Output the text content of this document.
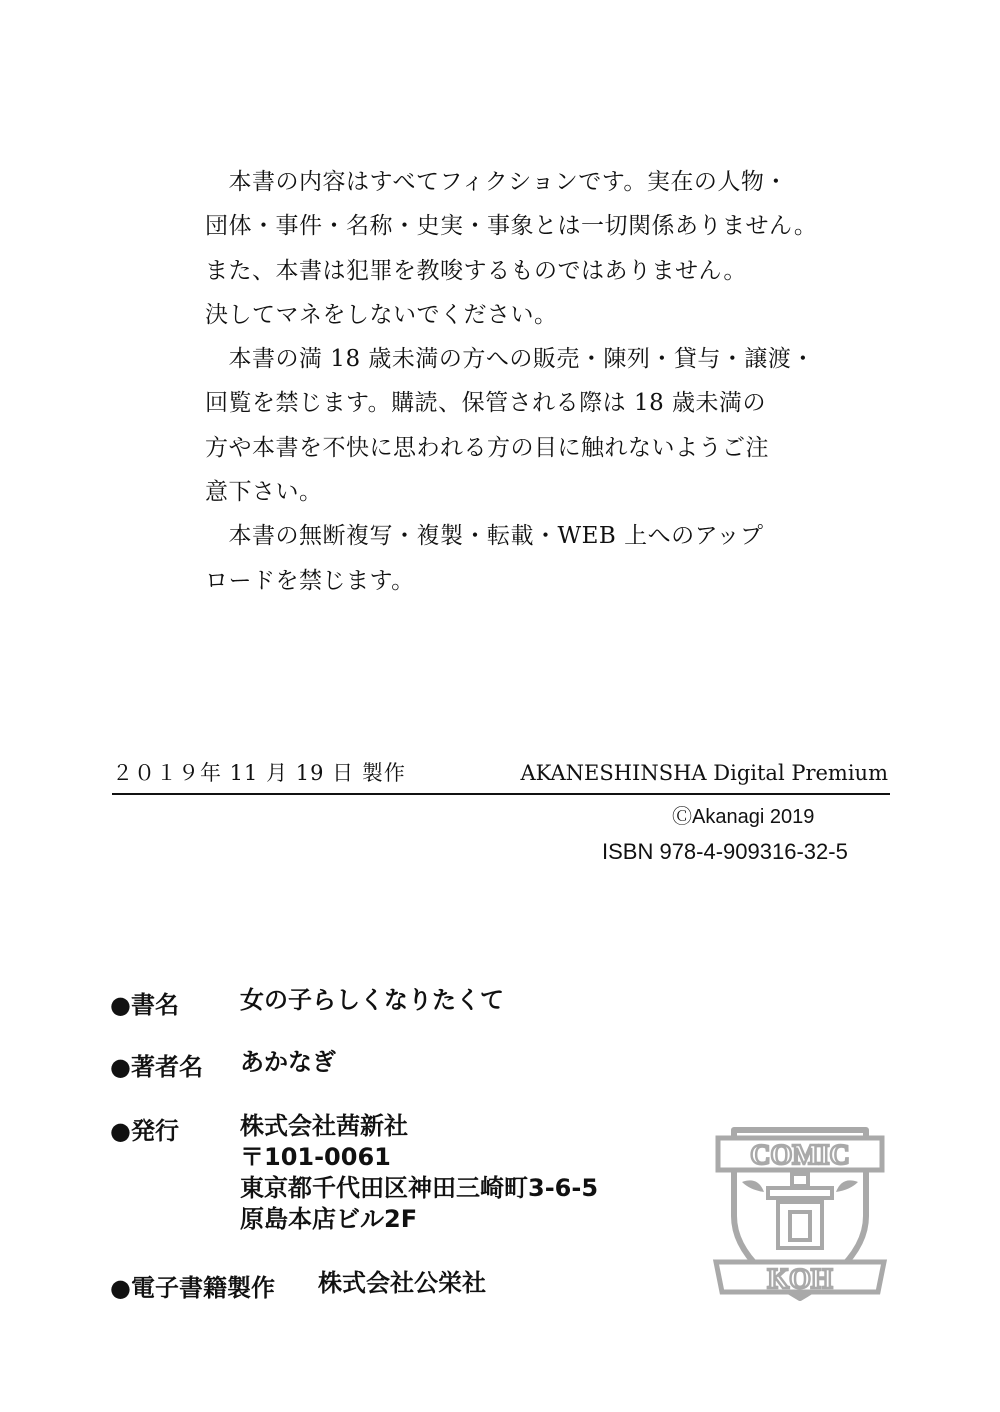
　本書の内容はすべてフィクションです。実在の人物・
団体・事件・名称・史実・事象とは一切関係ありません。
また、本書は犯罪を教唆するものではありません。
決してマネをしないでください。
　本書の満 18 歳未満の方への販売・陳列・貸与・譲渡・
回覧を禁じます。購読、保管される際は 18 歳未満の
方や本書を不快に思われる方の目に触れないようご注
意下さい。
　本書の無断複写・複製・転載・WEB 上へのアップ
ロードを禁じます。
２０１９年 11 月 19 日 製作	AKANESHINSHA Digital Premium
ⒸAkanagi 2019
ISBN 978-4-909316-32-5
●書名	女の子らしくなりたくて
●著者名 あかなぎ
●発行	株式会社茜新社
〒101-0061
東京都千代田区神田三崎町3-6-5
原島本店ビル2F
●電子書籍製作 株式会社公栄社
COMIC
KOH
